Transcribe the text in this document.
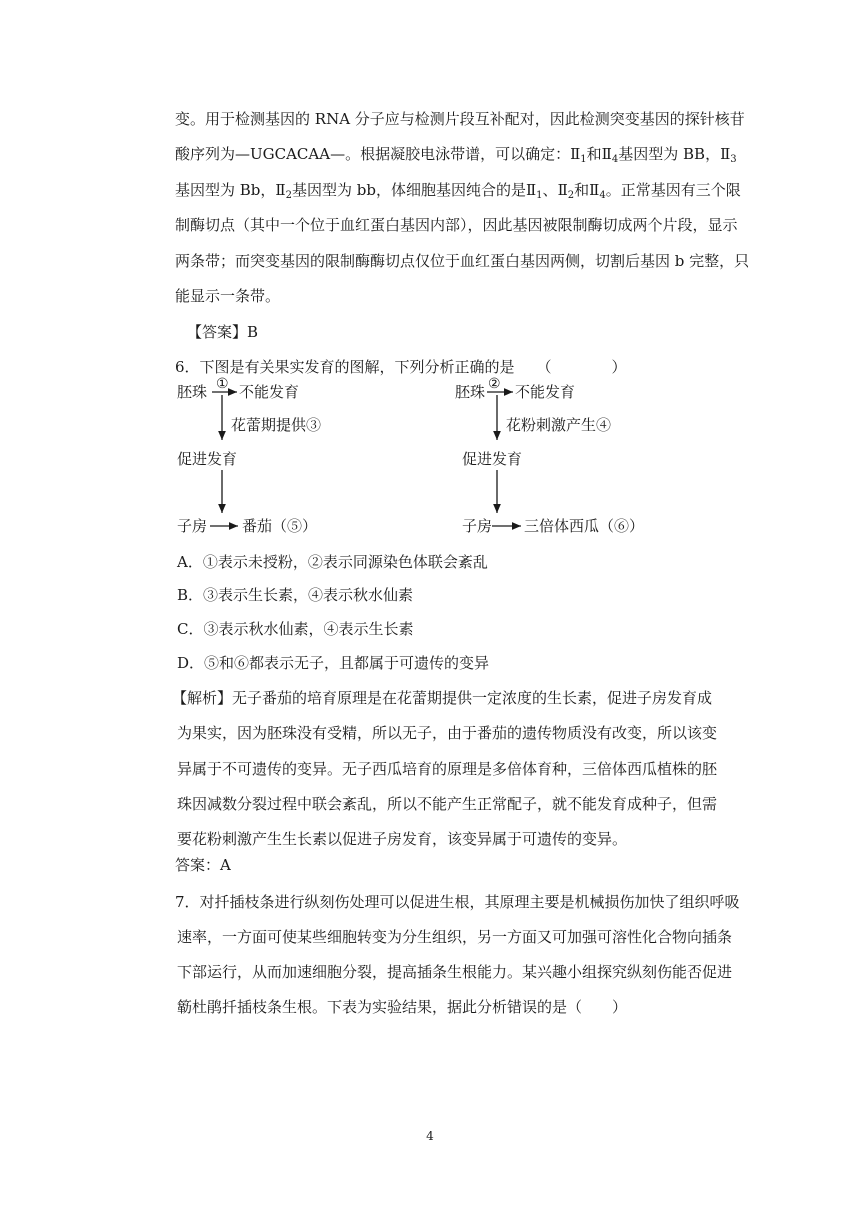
变。用于检测基因的 RNA 分子应与检测片段互补配对，因此检测突变基因的探针核苷
酸序列为—UGCACAA—。根据凝胶电泳带谱，可以确定：$Ⅱ_1$和$Ⅱ_4$基因型为 BB，$Ⅱ_3$
基因型为 Bb，$Ⅱ_2$基因型为 bb，体细胞基因纯合的是$Ⅱ_1$、$Ⅱ_2$和$Ⅱ_4$。正常基因有三个限
制酶切点（其中一个位于血红蛋白基因内部），因此基因被限制酶切成两个片段，显示
两条带；而突变基因的限制酶酶切点仅位于血红蛋白基因两侧，切割后基因 b 完整，只
能显示一条带。
【答案】B
6．下图是有关果实发育的图解，下列分析正确的是 （　　　　）
胚珠 ① 不能发育
花蕾期提供③
促进发育
子房 番茄（⑤）
胚珠 ② 不能发育
花粉刺激产生④
促进发育
子房 三倍体西瓜（⑥）
A．①表示未授粉，②表示同源染色体联会紊乱
B．③表示生长素，④表示秋水仙素
C．③表示秋水仙素，④表示生长素
D．⑤和⑥都表示无子，且都属于可遗传的变异
【解析】无子番茄的培育原理是在花蕾期提供一定浓度的生长素，促进子房发育成
为果实，因为胚珠没有受精，所以无子，由于番茄的遗传物质没有改变，所以该变
异属于不可遗传的变异。无子西瓜培育的原理是多倍体育种，三倍体西瓜植株的胚
珠因减数分裂过程中联会紊乱，所以不能产生正常配子，就不能发育成种子，但需
要花粉刺激产生生长素以促进子房发育，该变异属于可遗传的变异。
答案：A
7．对扦插枝条进行纵刻伤处理可以促进生根，其原理主要是机械损伤加快了组织呼吸
速率，一方面可使某些细胞转变为分生组织，另一方面又可加强可溶性化合物向插条
下部运行，从而加速细胞分裂，提高插条生根能力。某兴趣小组探究纵刻伤能否促进
簕杜鹃扦插枝条生根。下表为实验结果，据此分析错误的是（　　）
4
